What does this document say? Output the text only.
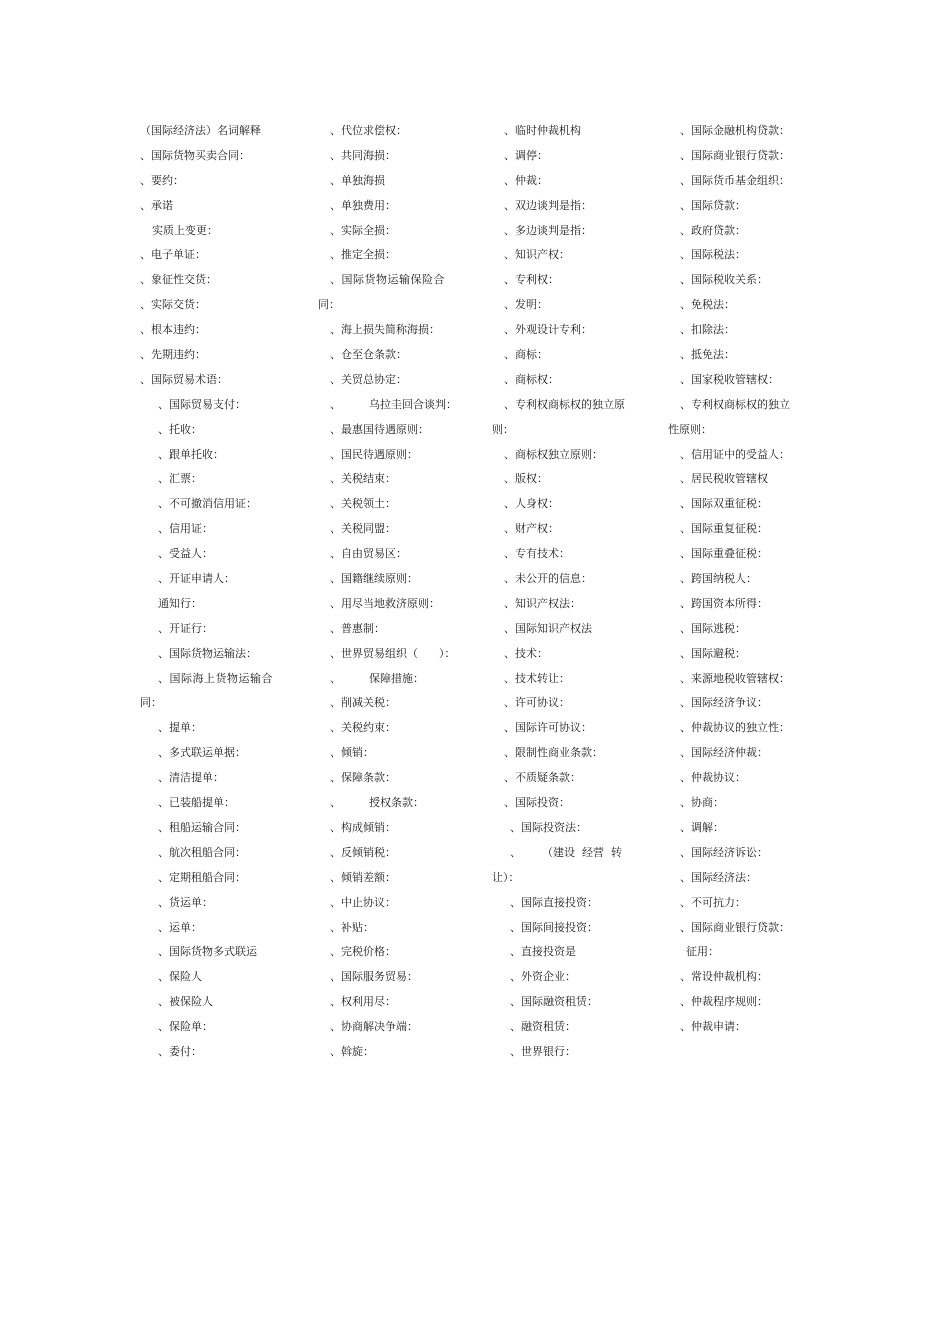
（国际经济法）名词解释
、国际货物买卖合同：
、要约：
、承诺
实质上变更：
、电子单证：
、象征性交货：
、实际交货：
、根本违约：
、先期违约：
、国际贸易术语：
、国际贸易支付：
、托收：
、跟单托收：
、汇票：
、不可撤消信用证：
、信用证：
、受益人：
、开证申请人：
通知行：
、开证行：
、国际货物运输法：
、国际海上货物运输合
同：
、提单：
、多式联运单据：
、清洁提单：
、已装船提单：
、租船运输合同：
、航次租船合同：
、定期租船合同：
、货运单：
、运单：
、国际货物多式联运
、保险人
、被保险人
、保险单：
、委付：
、代位求偿权：
、共同海损：
、单独海损
、单独费用：
、实际全损：
、推定全损：
、国际货物运输保险合
同：
、海上损失简称海损：
、仓至仓条款：
、关贸总协定：
、        乌拉圭回合谈判：
、最惠国待遇原则：
、国民待遇原则：
、关税结束：
、关税领土：
、关税同盟：
、自由贸易区：
、国籍继续原则：
、用尽当地救济原则：
、普惠制：
、世界贸易组织（      ）：
、        保障措施：
、削减关税：
、关税约束：
、倾销：
、保障条款：
、        授权条款：
、构成倾销：
、反倾销税：
、倾销差额：
、中止协议：
、补贴：
、完税价格：
、国际服务贸易：
、权利用尽：
、协商解决争端：
、斡旋：
、临时仲裁机构
、调停：
、仲裁：
、双边谈判是指：
、多边谈判是指：
、知识产权：
、专利权：
、发明：
、外观设计专利：
、商标：
、商标权：
、专利权商标权的独立原
则：
、商标权独立原则：
、版权：
、人身权：
、财产权：
、专有技术：
、未公开的信息：
、知识产权法：
、国际知识产权法
、技术：
、技术转让：
、许可协议：
、国际许可协议：
、限制性商业条款：
、不质疑条款：
、国际投资：
、国际投资法：
、      （建设  经营  转
让）：
、国际直接投资：
、国际间接投资：
、直接投资是
、外资企业：
、国际融资租赁：
、融资租赁：
、世界银行：
、国际金融机构贷款：
、国际商业银行贷款：
、国际货币基金组织：
、国际贷款：
、政府贷款：
、国际税法：
、国际税收关系：
、免税法：
、扣除法：
、抵免法：
、国家税收管辖权：
、专利权商标权的独立
性原则：
、信用证中的受益人：
、居民税收管辖权
、国际双重征税：
、国际重复征税：
、国际重叠征税：
、跨国纳税人：
、跨国资本所得：
、国际逃税：
、国际避税：
、来源地税收管辖权：
、国际经济争议：
、仲裁协议的独立性：
、国际经济仲裁：
、仲裁协议：
、协商：
、调解：
、国际经济诉讼：
、国际经济法：
、不可抗力：
、国际商业银行贷款：
征用：
、常设仲裁机构：
、仲裁程序规则：
、仲裁申请：
